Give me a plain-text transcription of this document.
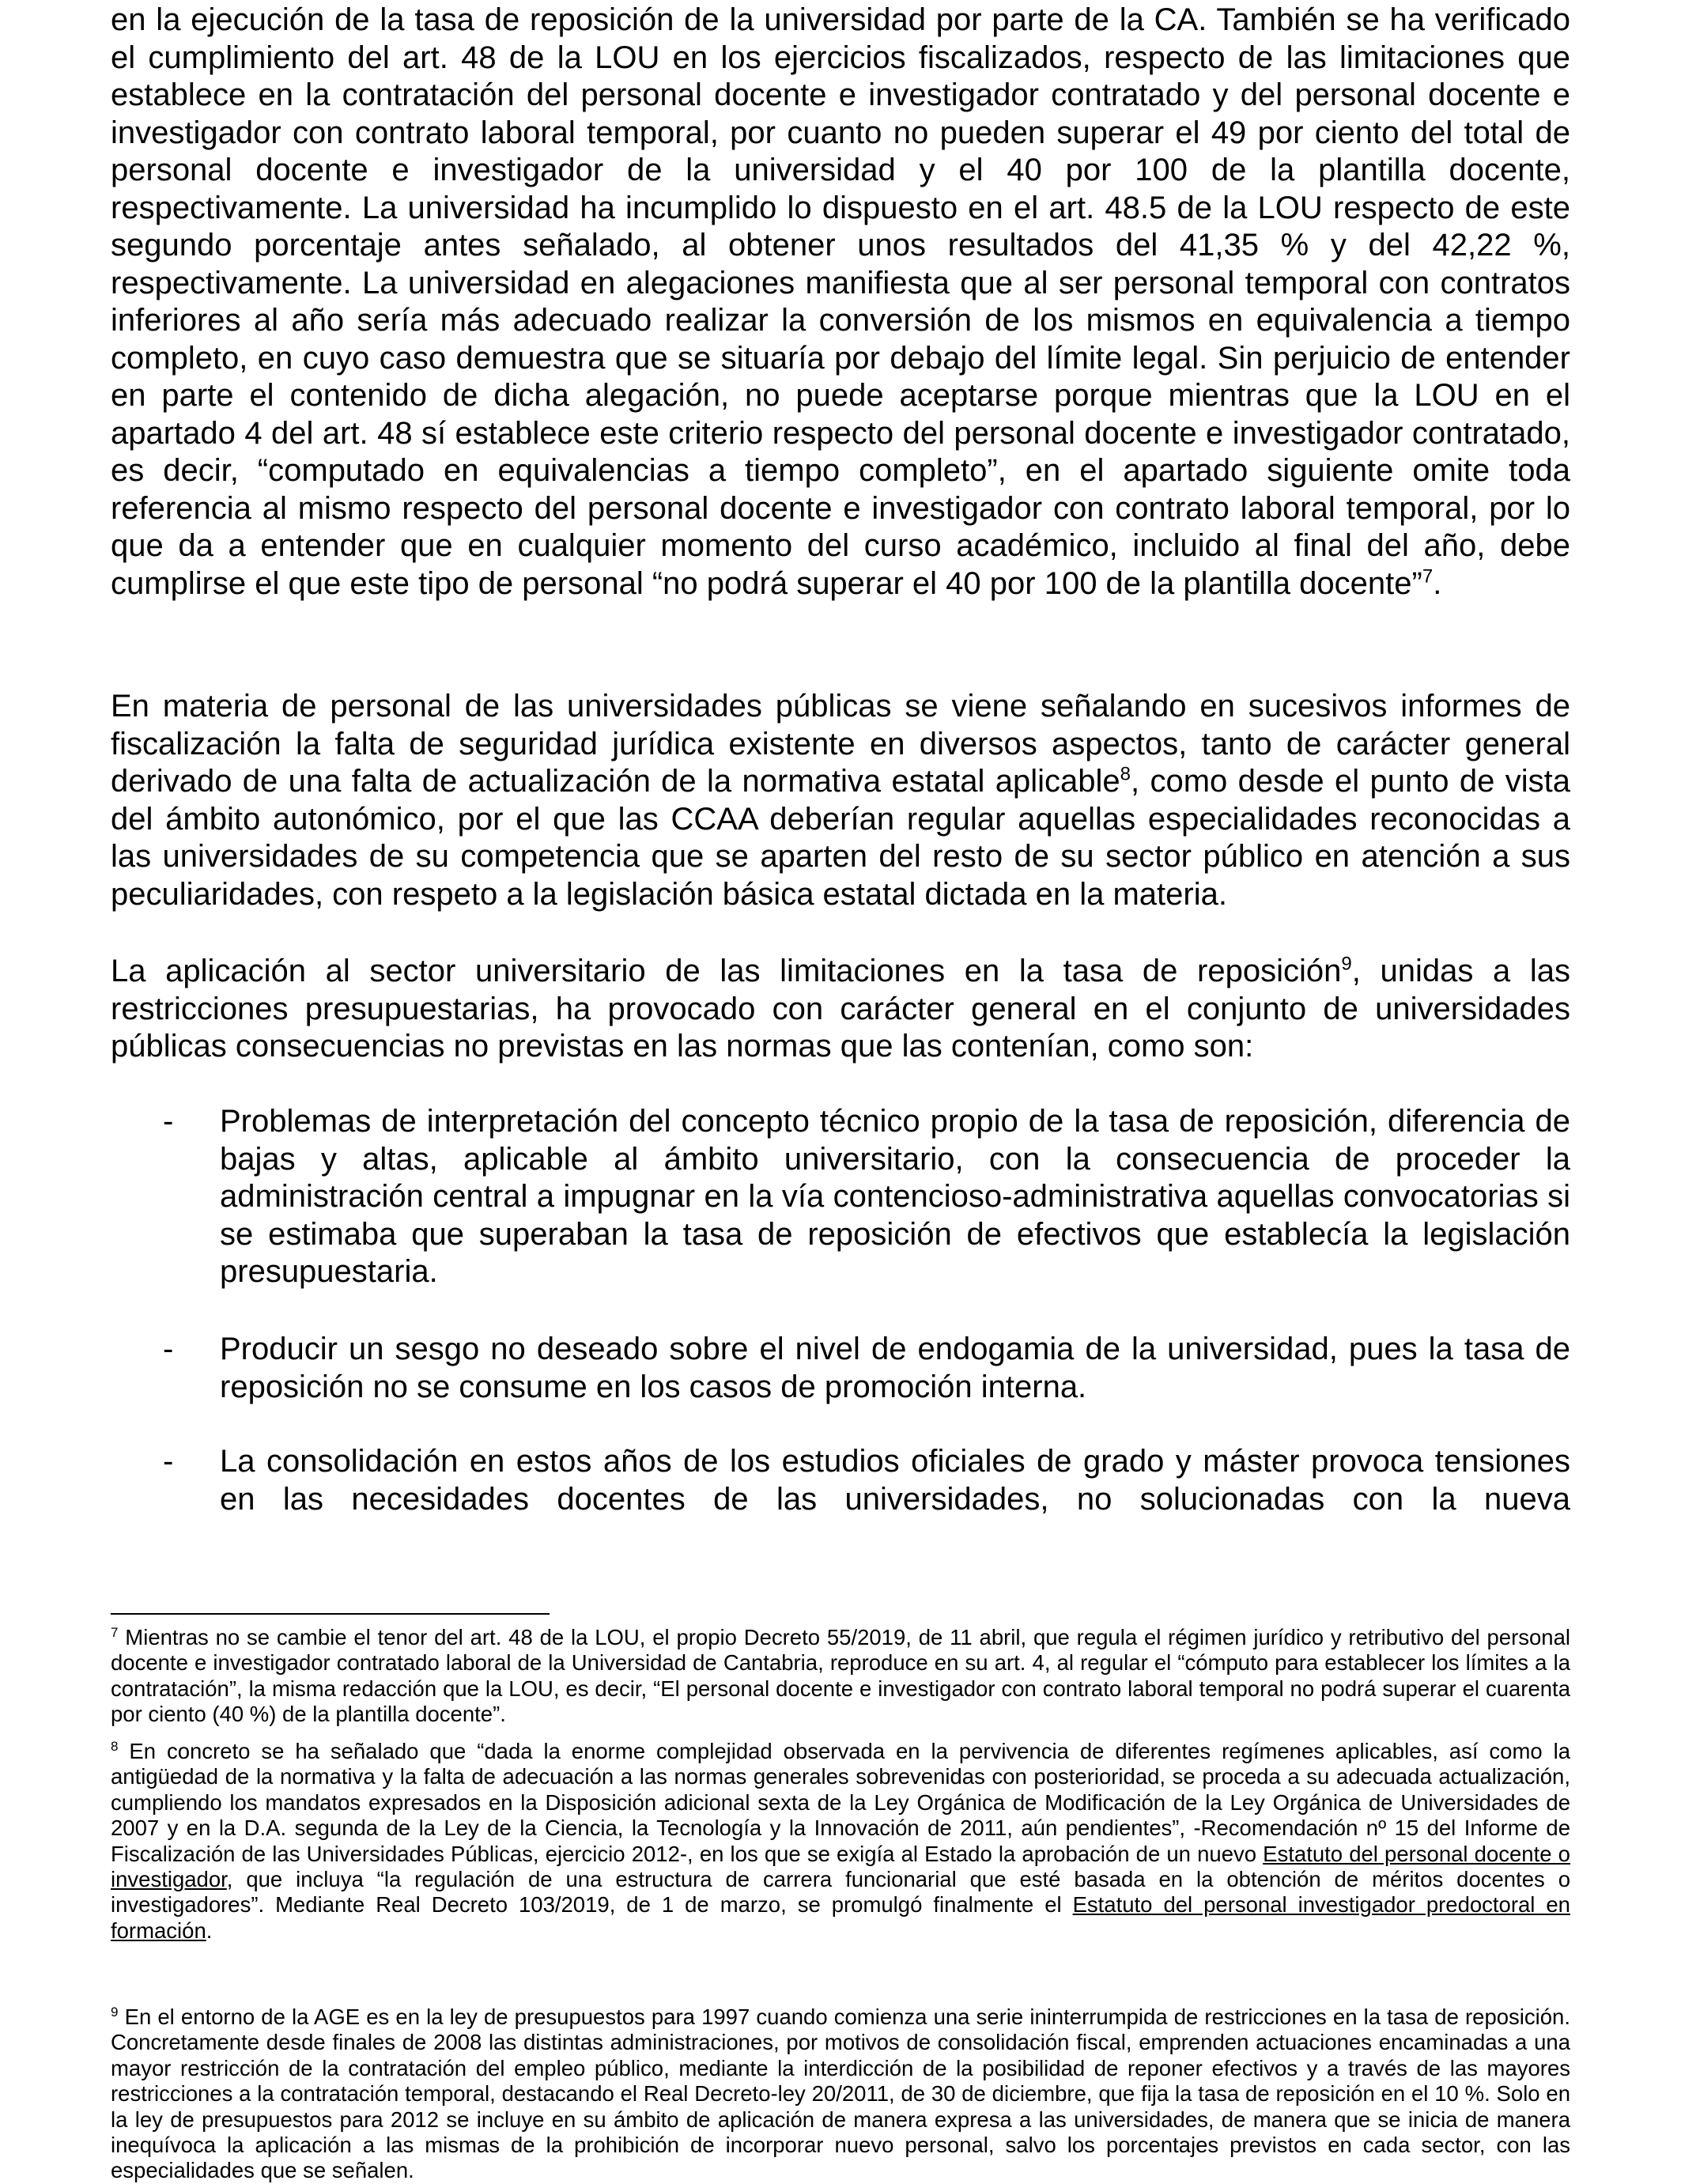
en la ejecución de la tasa de reposición de la universidad por parte de la CA. También se ha verificado el cumplimiento del art. 48 de la LOU en los ejercicios fiscalizados, respecto de las limitaciones que establece en la contratación del personal docente e investigador contratado y del personal docente e investigador con contrato laboral temporal, por cuanto no pueden superar el 49 por ciento del total de personal docente e investigador de la universidad y el 40 por 100 de la plantilla docente, respectivamente. La universidad ha incumplido lo dispuesto en el art. 48.5 de la LOU respecto de este segundo porcentaje antes señalado, al obtener unos resultados del 41,35 % y del 42,22 %, respectivamente. La universidad en alegaciones manifiesta que al ser personal temporal con contratos inferiores al año sería más adecuado realizar la conversión de los mismos en equivalencia a tiempo completo, en cuyo caso demuestra que se situaría por debajo del límite legal. Sin perjuicio de entender en parte el contenido de dicha alegación, no puede aceptarse porque mientras que la LOU en el apartado 4 del art. 48 sí establece este criterio respecto del personal docente e investigador contratado, es decir, “computado en equivalencias a tiempo completo”, en el apartado siguiente omite toda referencia al mismo respecto del personal docente e investigador con contrato laboral temporal, por lo que da a entender que en cualquier momento del curso académico, incluido al final del año, debe cumplirse el que este tipo de personal “no podrá superar el 40 por 100 de la plantilla docente”$^7$.

En materia de personal de las universidades públicas se viene señalando en sucesivos informes de fiscalización la falta de seguridad jurídica existente en diversos aspectos, tanto de carácter general derivado de una falta de actualización de la normativa estatal aplicable$^8$, como desde el punto de vista del ámbito autonómico, por el que las CCAA deberían regular aquellas especialidades reconocidas a las universidades de su competencia que se aparten del resto de su sector público en atención a sus peculiaridades, con respeto a la legislación básica estatal dictada en la materia.

La aplicación al sector universitario de las limitaciones en la tasa de reposición$^9$, unidas a las restricciones presupuestarias, ha provocado con carácter general en el conjunto de universidades públicas consecuencias no previstas en las normas que las contenían, como son:

- Problemas de interpretación del concepto técnico propio de la tasa de reposición, diferencia de bajas y altas, aplicable al ámbito universitario, con la consecuencia de proceder la administración central a impugnar en la vía contencioso-administrativa aquellas convocatorias si se estimaba que superaban la tasa de reposición de efectivos que establecía la legislación presupuestaria.
- Producir un sesgo no deseado sobre el nivel de endogamia de la universidad, pues la tasa de reposición no se consume en los casos de promoción interna.
- La consolidación en estos años de los estudios oficiales de grado y máster provoca tensiones en las necesidades docentes de las universidades, no solucionadas con la nueva

$^7$ Mientras no se cambie el tenor del art. 48 de la LOU, el propio Decreto 55/2019, de 11 abril, que regula el régimen jurídico y retributivo del personal docente e investigador contratado laboral de la Universidad de Cantabria, reproduce en su art. 4, al regular el “cómputo para establecer los límites a la contratación”, la misma redacción que la LOU, es decir, “El personal docente e investigador con contrato laboral temporal no podrá superar el cuarenta por ciento (40 %) de la plantilla docente”.

$^8$ En concreto se ha señalado que “dada la enorme complejidad observada en la pervivencia de diferentes regímenes aplicables, así como la antigüedad de la normativa y la falta de adecuación a las normas generales sobrevenidas con posterioridad, se proceda a su adecuada actualización, cumpliendo los mandatos expresados en la Disposición adicional sexta de la Ley Orgánica de Modificación de la Ley Orgánica de Universidades de 2007 y en la D.A. segunda de la Ley de la Ciencia, la Tecnología y la Innovación de 2011, aún pendientes”, -Recomendación nº 15 del Informe de Fiscalización de las Universidades Públicas, ejercicio 2012-, en los que se exigía al Estado la aprobación de un nuevo Estatuto del personal docente o investigador, que incluya “la regulación de una estructura de carrera funcionarial que esté basada en la obtención de méritos docentes o investigadores”. Mediante Real Decreto 103/2019, de 1 de marzo, se promulgó finalmente el Estatuto del personal investigador predoctoral en formación.

$^9$ En el entorno de la AGE es en la ley de presupuestos para 1997 cuando comienza una serie ininterrumpida de restricciones en la tasa de reposición. Concretamente desde finales de 2008 las distintas administraciones, por motivos de consolidación fiscal, emprenden actuaciones encaminadas a una mayor restricción de la contratación del empleo público, mediante la interdicción de la posibilidad de reponer efectivos y a través de las mayores restricciones a la contratación temporal, destacando el Real Decreto-ley 20/2011, de 30 de diciembre, que fija la tasa de reposición en el 10 %. Solo en la ley de presupuestos para 2012 se incluye en su ámbito de aplicación de manera expresa a las universidades, de manera que se inicia de manera inequívoca la aplicación a las mismas de la prohibición de incorporar nuevo personal, salvo los porcentajes previstos en cada sector, con las especialidades que se señalen.
